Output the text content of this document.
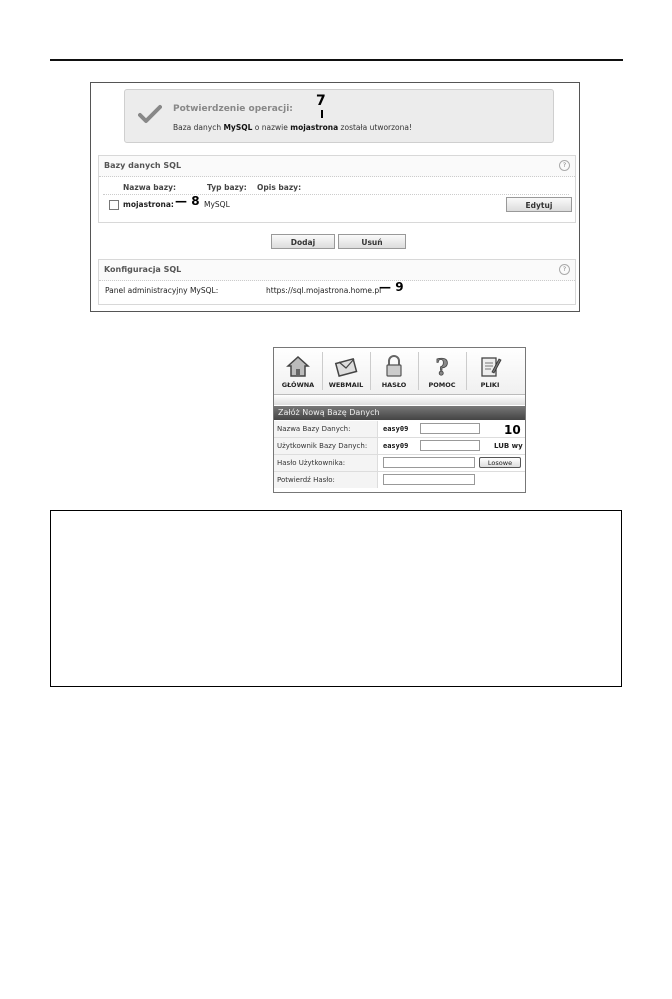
Potwierdzenie operacji:
Baza danych MySQL o nazwie mojastrona została utworzona!
7
Bazy danych SQL	?
Nazwa bazy:	Typ bazy: Opis bazy:
mojastrona:	MySQL	Edytuj
— 8
Dodaj	Usuń
Konfiguracja SQL	?
Panel administracyjny MySQL:	https://sql.mojastrona.home.pl
— 9
GŁÓWNA	WEBMAIL	HASŁO
?
POMOC	PLIKI
Załóż Nową Bazę Danych
Nazwa Bazy Danych:	easy09
Użytkownik Bazy Danych:	easy09	LUB wy
Hasło Użytkownika:	Losowe
Potwierdź Hasło:
10
